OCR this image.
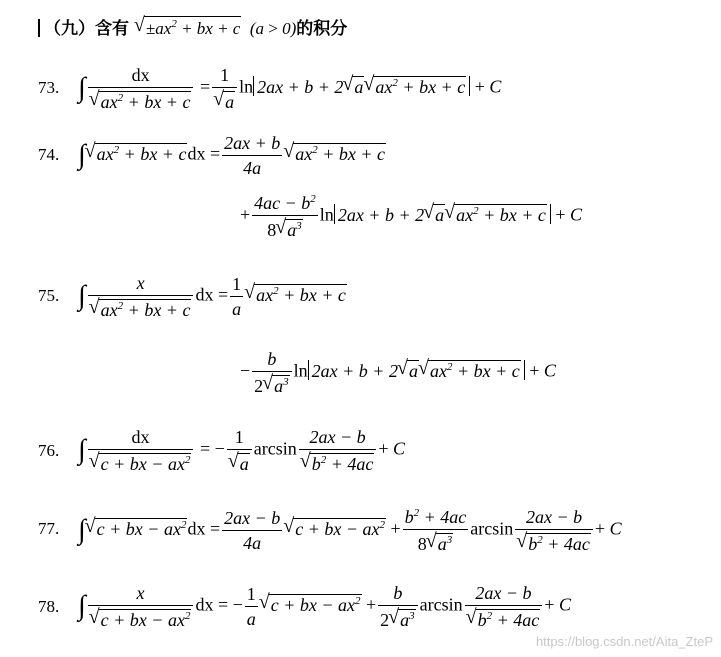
（九）含有 √ $\pm ax^2$ + bx + c  (a > 0)的积分
73. ∫ dx
√ $ax^2$ + bx + c = 1
√ a ln 2ax + b + 2 √ a √ $ax^2$ + bx + c + C
74. ∫ √ $ax^2$ + bx + cdx = $\frac{2ax + b}{4a}$ √ $ax^2$ + bx + c
+ $\frac{4ac - b^2}{8 √ a^3}$ ln 2ax + b + 2 √ a √ $ax^2$ + bx + c + C
75. ∫ x
√ $ax^2$ + bx + c dx = $\frac{1}{a}$ √ $ax^2$ + bx + c
− $\frac{b}{2 √ a^3}$ ln 2ax + b + 2 √ a √ $ax^2$ + bx + c + C
76. ∫ dx
√ c + bx − $ax^2$ = − 1
√ a arcsin 2ax − b
√ $b^2 + 4ac + C$
77. ∫ √ c + bx − $ax^2dx = \frac{2ax - b}{4a}$ √ c + bx − $ax^2 + \frac{b^2 + 4ac}{8 √ a^3}$ arcsin 2ax − b
√ $b^2 + 4ac + C$
78. ∫ x
√ c + bx − $ax^2$ dx = − $\frac{1}{a}$ √ c + bx − $ax^2 + \frac{b}{2 √ a^3}$ arcsin 2ax − b
√ $b^2 + 4ac + C$
https://blog.csdn.net/Aita_ZteP
